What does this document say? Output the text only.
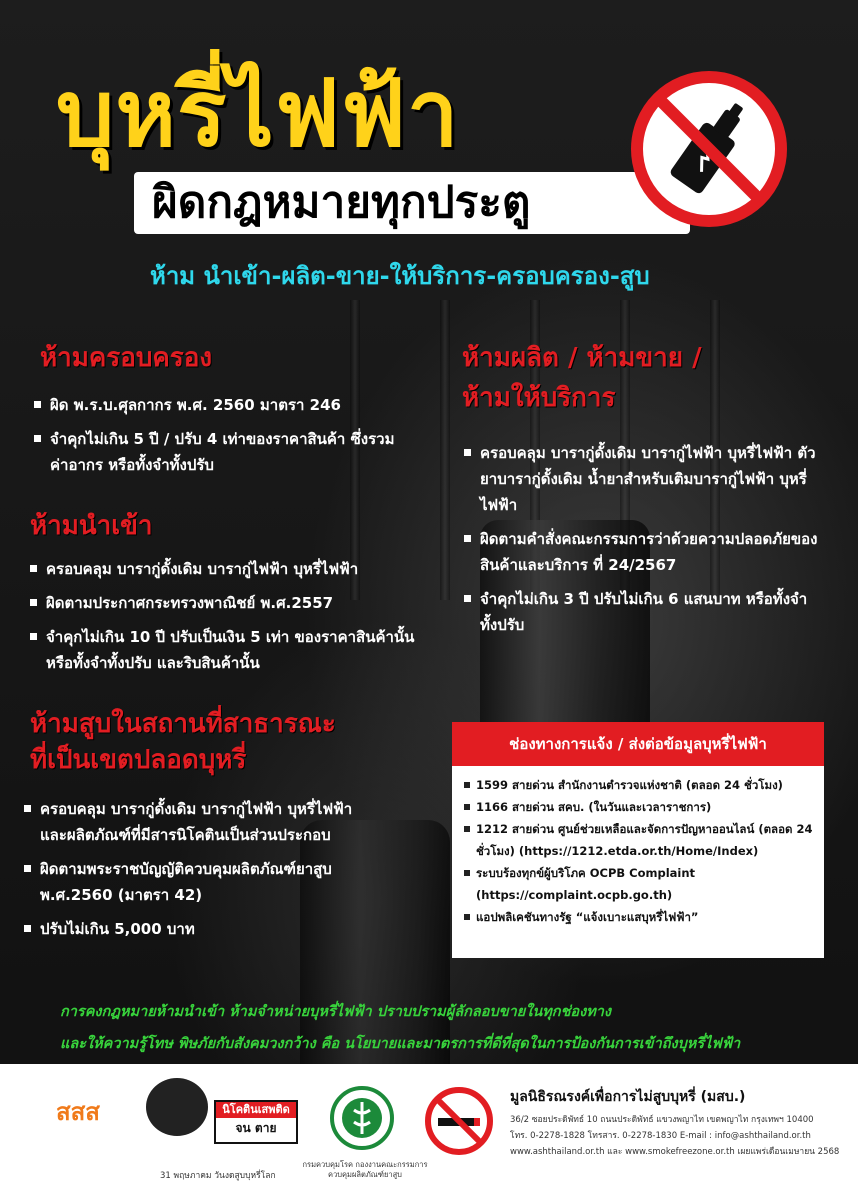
บุหรี่ไฟฟ้า
ผิดกฎหมายทุกประตู
ห้าม นำเข้า-ผลิต-ขาย-ให้บริการ-ครอบครอง-สูบ
ห้ามครอบครอง
ผิด พ.ร.บ.ศุลกากร พ.ศ. 2560 มาตรา 246
จำคุกไม่เกิน 5 ปี / ปรับ 4 เท่าของราคาสินค้า ซึ่งรวมค่าอากร หรือทั้งจำทั้งปรับ
ห้ามนำเข้า
ครอบคลุม บารากู่ดั้งเดิม บารากู่ไฟฟ้า บุหรี่ไฟฟ้า
ผิดตามประกาศกระทรวงพาณิชย์ พ.ศ.2557
จำคุกไม่เกิน 10 ปี ปรับเป็นเงิน 5 เท่า ของราคาสินค้านั้น หรือทั้งจำทั้งปรับ และริบสินค้านั้น
ห้ามสูบในสถานที่สาธารณะ
ที่เป็นเขตปลอดบุหรี่
ครอบคลุม บารากู่ดั้งเดิม บารากู่ไฟฟ้า บุหรี่ไฟฟ้า และผลิตภัณฑ์ที่มีสารนิโคตินเป็นส่วนประกอบ
ผิดตามพระราชบัญญัติควบคุมผลิตภัณฑ์ยาสูบ พ.ศ.2560 (มาตรา 42)
ปรับไม่เกิน 5,000 บาท
ห้ามผลิต / ห้ามขาย /
ห้ามให้บริการ
ครอบคลุม บารากู่ดั้งเดิม บารากู่ไฟฟ้า บุหรี่ไฟฟ้า ตัวยาบารากู่ดั้งเดิม น้ำยาสำหรับเติมบารากู่ไฟฟ้า บุหรี่ไฟฟ้า
ผิดตามคำสั่งคณะกรรมการว่าด้วยความปลอดภัยของสินค้าและบริการ ที่ 24/2567
จำคุกไม่เกิน 3 ปี ปรับไม่เกิน 6 แสนบาท หรือทั้งจำทั้งปรับ
ช่องทางการแจ้ง / ส่งต่อข้อมูลบุหรี่ไฟฟ้า
1599 สายด่วน สำนักงานตำรวจแห่งชาติ (ตลอด 24 ชั่วโมง)
1166 สายด่วน สคบ. (ในวันและเวลาราชการ)
1212 สายด่วน ศูนย์ช่วยเหลือและจัดการปัญหาออนไลน์ (ตลอด 24 ชั่วโมง) (https://1212.etda.or.th/Home/Index)
ระบบร้องทุกข์ผู้บริโภค OCPB Complaint (https://complaint.ocpb.go.th)
แอปพลิเคชันทางรัฐ “แจ้งเบาะแสบุหรี่ไฟฟ้า”
การคงกฎหมายห้ามนำเข้า ห้ามจำหน่ายบุหรี่ไฟฟ้า ปราบปรามผู้ลักลอบขายในทุกช่องทาง
และให้ความรู้โทษ พิษภัยกับสังคมวงกว้าง คือ นโยบายและมาตรการที่ดีที่สุดในการป้องกันการเข้าถึงบุหรี่ไฟฟ้า
สสส	นิโคตินเสพติด
จน ตาย
31 พฤษภาคม วันงดสูบบุหรี่โลก
กรมควบคุมโรค กองงานคณะกรรมการควบคุมผลิตภัณฑ์ยาสูบ
มูลนิธิรณรงค์เพื่อการไม่สูบบุหรี่ (มสบ.)
36/2 ซอยประดิพัทธ์ 10 ถนนประดิพัทธ์ แขวงพญาไท เขตพญาไท กรุงเทพฯ 10400
โทร. 0-2278-1828 โทรสาร. 0-2278-1830 E-mail : info@ashthailand.or.th
www.ashthailand.or.th และ www.smokefreezone.or.th เผยแพร่เดือนเมษายน 2568
